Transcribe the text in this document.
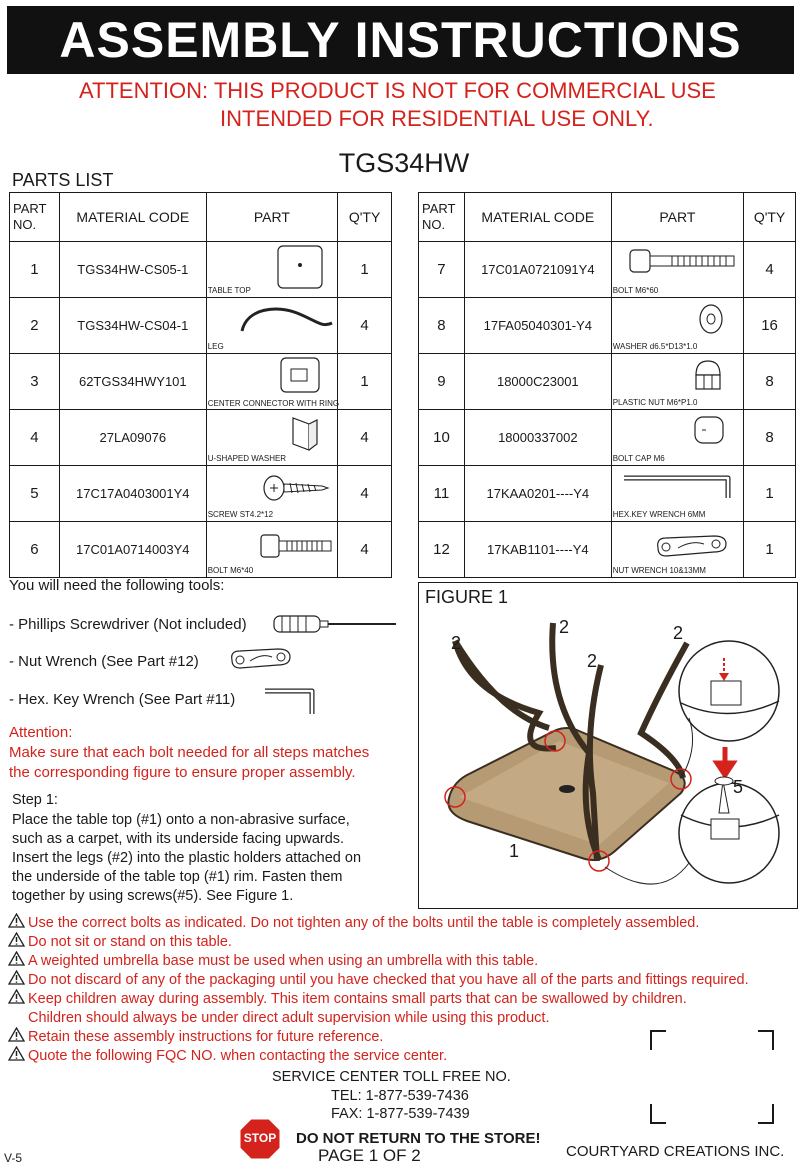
ASSEMBLY INSTRUCTIONS
ATTENTION: THIS PRODUCT IS NOT FOR COMMERCIAL USE
INTENDED FOR RESIDENTIAL USE ONLY.
TGS34HW
PARTS LIST
PART NO.	MATERIAL CODE	PART	Q'TY
1	TGS34HW-CS05-1	TABLE TOP	1
2	TGS34HW-CS04-1	LEG	4
3	62TGS34HWY101	CENTER CONNECTOR WITH RING	1
4	27LA09076	U-SHAPED WASHER	4
5	17C17A0403001Y4	SCREW ST4.2*12	4
6	17C01A0714003Y4	BOLT M6*40	4
PART NO.	MATERIAL CODE	PART	Q'TY
7	17C01A0721091Y4	BOLT M6*60	4
8	17FA05040301-Y4	WASHER d6.5*D13*1.0	16
9	18000C23001	PLASTIC NUT M6*P1.0	8
10	18000337002	BOLT CAP M6	8
11	17KAA0201----Y4	HEX.KEY WRENCH 6MM	1
12	17KAB1101----Y4	NUT WRENCH 10&13MM	1
You will need the following tools:
- Phillips Screwdriver (Not included)
- Nut Wrench (See Part #12)
- Hex. Key Wrench (See Part #11)
Attention:
Make sure that each bolt needed for all steps matches
the corresponding figure to ensure proper assembly.
Step 1:
Place the table top (#1) onto a non-abrasive surface,
such as a carpet, with its underside facing upwards.
Insert the legs (#2) into the plastic holders attached on
the underside of the table top (#1) rim. Fasten them
together by using screws(#5). See Figure 1.
FIGURE 1
2
2
2
2
1
5
Use the correct bolts as indicated. Do not tighten any of the bolts until the table is completely assembled.
Do not sit or stand on this table.
A weighted umbrella base must be used when using an umbrella with this table.
Do not discard of any of the packaging until you have checked that you have all of the parts and fittings required.
Keep children away during assembly. This item contains small parts that can be swallowed by children.
Children should always be under direct adult supervision while using this product.
Retain these assembly instructions for future reference.
Quote the following FQC NO. when contacting the service center.
SERVICE CENTER TOLL FREE NO.
TEL: 1-877-539-7436
FAX: 1-877-539-7439
STOP	DO NOT RETURN TO THE STORE!
PAGE 1 OF 2	COURTYARD CREATIONS INC.
V-5
